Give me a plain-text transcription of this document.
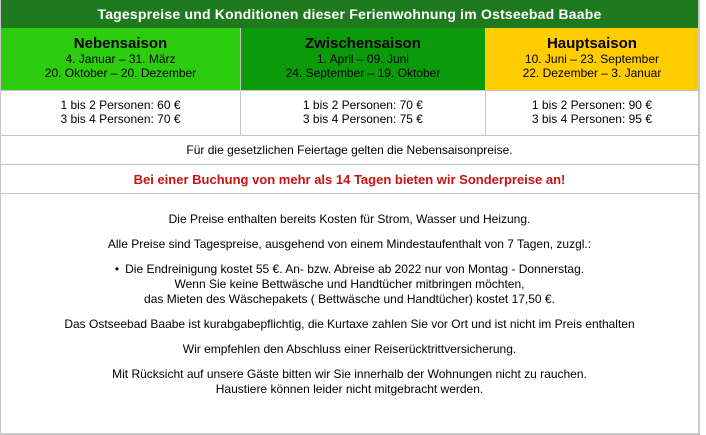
Tagespreise und Konditionen dieser Ferienwohnung im Ostseebad Baabe
Nebensaison
4. Januar – 31. März
20. Oktober – 20. Dezember
Zwischensaison
1. April – 09. Juni
24. September – 19. Oktober
Hauptsaison
10. Juni – 23. September
22. Dezember – 3. Januar
1 bis 2 Personen: 60 €
3 bis 4 Personen: 70 €
1 bis 2 Personen: 70 €
3 bis 4 Personen: 75 €
1 bis 2 Personen: 90 €
3 bis 4 Personen: 95 €
Für die gesetzlichen Feiertage gelten die Nebensaisonpreise.
Bei einer Buchung von mehr als 14 Tagen bieten wir Sonderpreise an!

Die Preise enthalten bereits Kosten für Strom, Wasser und Heizung.

Alle Preise sind Tagespreise, ausgehend von einem Mindestaufenthalt von 7 Tagen, zuzgl.:

• Die Endreinigung kostet 55 €. An- bzw. Abreise ab 2022 nur von Montag - Donnerstag.
Wenn Sie keine Bettwäsche und Handtücher mitbringen möchten,
das Mieten des Wäschepakets ( Bettwäsche und Handtücher) kostet 17,50 €.

Das Ostseebad Baabe ist kurabgabepflichtig, die Kurtaxe zahlen Sie vor Ort und ist nicht im Preis enthalten

Wir empfehlen den Abschluss einer Reiserücktrittversicherung.

Mit Rücksicht auf unsere Gäste bitten wir Sie innerhalb der Wohnungen nicht zu rauchen.
Haustiere können leider nicht mitgebracht werden.
